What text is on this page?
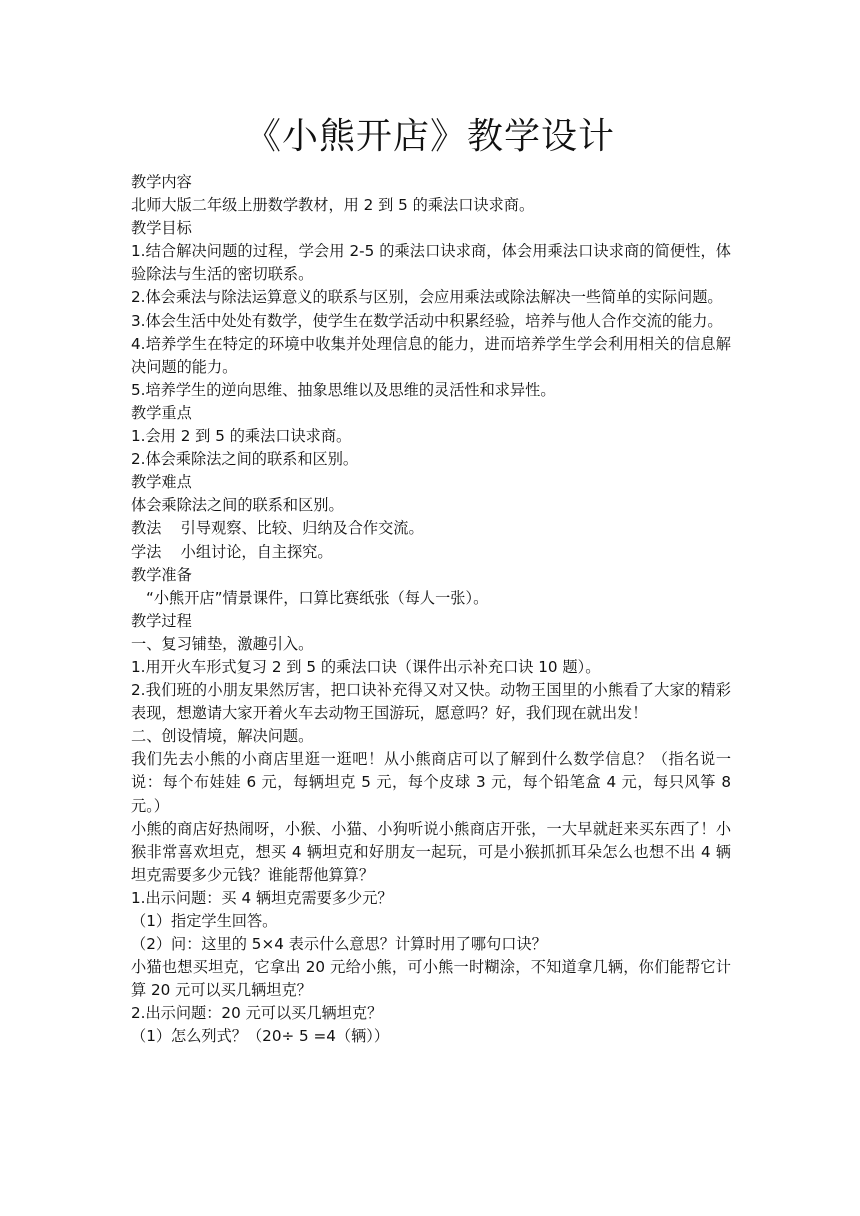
《小熊开店》教学设计

教学内容

北师大版二年级上册数学教材，用 2 到 5 的乘法口诀求商。

教学目标

1.结合解决问题的过程，学会用 2-5 的乘法口诀求商，体会用乘法口诀求商的简便性，体验除法与生活的密切联系。

2.体会乘法与除法运算意义的联系与区别，会应用乘法或除法解决一些简单的实际问题。

3.体会生活中处处有数学，使学生在数学活动中积累经验，培养与他人合作交流的能力。

4.培养学生在特定的环境中收集并处理信息的能力，进而培养学生学会利用相关的信息解决问题的能力。

5.培养学生的逆向思维、抽象思维以及思维的灵活性和求异性。

教学重点

1.会用 2 到 5 的乘法口诀求商。

2.体会乘除法之间的联系和区别。

教学难点

体会乘除法之间的联系和区别。

教法    引导观察、比较、归纳及合作交流。

学法    小组讨论，自主探究。

教学准备

“小熊开店”情景课件，口算比赛纸张（每人一张）。

教学过程

一、复习铺垫，激趣引入。

1.用开火车形式复习 2 到 5 的乘法口诀（课件出示补充口诀 10 题）。

2.我们班的小朋友果然厉害，把口诀补充得又对又快。动物王国里的小熊看了大家的精彩表现，想邀请大家开着火车去动物王国游玩，愿意吗？好，我们现在就出发！

二、创设情境，解决问题。

我们先去小熊的小商店里逛一逛吧！从小熊商店可以了解到什么数学信息？（指名说一说：每个布娃娃 6 元，每辆坦克 5 元，每个皮球 3 元，每个铅笔盒 4 元，每只风筝 8 元。）

小熊的商店好热闹呀，小猴、小猫、小狗听说小熊商店开张，一大早就赶来买东西了！小猴非常喜欢坦克，想买 4 辆坦克和好朋友一起玩，可是小猴抓抓耳朵怎么也想不出 4 辆坦克需要多少元钱？谁能帮他算算？

1.出示问题：买 4 辆坦克需要多少元？

（1）指定学生回答。

（2）问：这里的 5×4 表示什么意思？计算时用了哪句口诀？

小猫也想买坦克，它拿出 20 元给小熊，可小熊一时糊涂，不知道拿几辆，你们能帮它计算 20 元可以买几辆坦克？

2.出示问题：20 元可以买几辆坦克？

（1）怎么列式？（20÷ 5 =4（辆））
